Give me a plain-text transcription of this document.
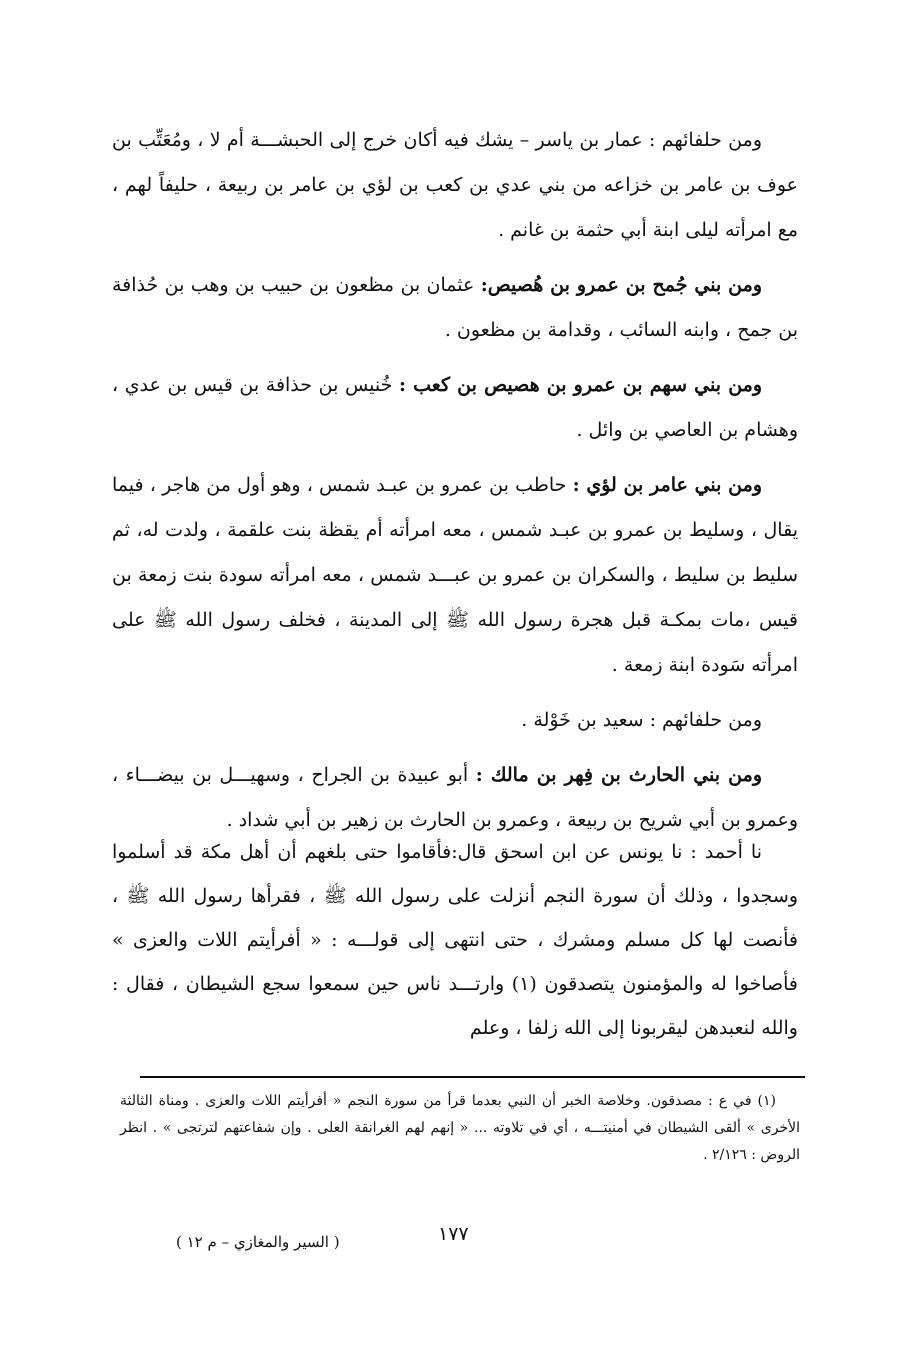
ومن حلفائهم : عمار بن ياسر – يشك فيه أكان خرج إلى الحبشـــة أم لا ، ومُعَتِّب بن عوف بن عامر بن خزاعه من بني عدي بن كعب بن لؤي بن عامر بن ربيعة ، حليفاً لهم ، مع امرأته ليلى ابنة أبي حثمة بن غانم .

ومن بني جُمح بن عمرو بن هُصيص: عثمان بن مظعون بن حبيب بن وهب بن حُذافة بن جمح ، وابنه السائب ، وقدامة بن مظعون .

ومن بني سهم بن عمرو بن هصيص بن كعب : خُنيس بن حذافة بن قيس بن عدي ، وهشام بن العاصي بن وائل .

ومن بني عامر بن لؤي : حاطب بن عمرو بن عبـد شمس ، وهو أول من هاجر ، فيما يقال ، وسليط بن عمرو بن عبـد شمس ، معه امرأته أم يقظة بنت علقمة ، ولدت له، ثم سليط بن سليط ، والسكران بن عمرو بن عبـــد شمس ، معه امرأته سودة بنت زمعة بن قيس ،مات بمكـة قبل هجرة رسول الله ﷺ إلى المدينة ، فخلف رسول الله ﷺ على امرأته سَودة ابنة زمعة .

ومن حلفائهم : سعيد بن خَوْلة .

ومن بني الحارث بن فِهر بن مالك : أبو عبيدة بن الجراح ، وسهيـــل بن بيضـــاء ، وعمرو بن أبي شريح بن ربيعة ، وعمرو بن الحارث بن زهير بن أبي شداد .

نا أحمد : نا يونس عن ابن اسحق قال:فأقاموا حتى بلغهم أن أهل مكة قد أسلموا وسجدوا ، وذلك أن سورة النجم أنزلت على رسول الله ﷺ ، فقرأها رسول الله ﷺ ، فأنصت لها كل مسلم ومشرك ، حتى انتهى إلى قولـــه : « أفرأيتم اللات والعزى » فأصاخوا له والمؤمنون يتصدقون (١) وارتـــد ناس حين سمعوا سجع الشيطان ، فقال : والله لنعبدهن ليقربونا إلى الله زلفا ، وعلم

(١) في ع : مصدقون. وخلاصة الخبر أن النبي بعدما قرأ من سورة النجم « أفرأيتم اللات والعزى . ومناة الثالثة الأخرى » ألقى الشيطان في أمنيتـــه ، أي في تلاوته ... « إنهم لهم الغرانقة العلى . وإن شفاعتهم لترتجى » . انظر الروض : ٢/١٢٦ .

١٧٧
( السير والمغازي – م ١٢ )
